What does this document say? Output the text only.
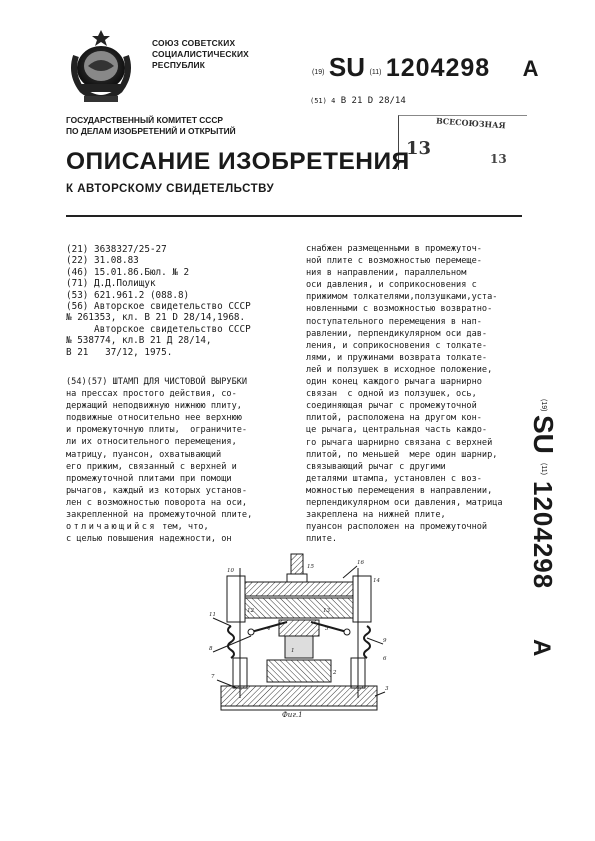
СОЮЗ СОВЕТСКИХ
СОЦИАЛИСТИЧЕСКИХ
РЕСПУБЛИК
(19) SU (11) 1204298 A
(51) 4 В 21 D 28/14
ГОСУДАРСТВЕННЫЙ КОМИТЕТ СССР
ПО ДЕЛАМ ИЗОБРЕТЕНИЙ И ОТКРЫТИЙ
ВСЕСОЮЗНАЯ
13	13
ОПИСАНИЕ ИЗОБРЕТЕНИЯ
К АВТОРСКОМУ СВИДЕТЕЛЬСТВУ
(21) 3638327/25-27
(22) 31.08.83
(46) 15.01.86.Бюл. № 2
(71) Д.Д.Полищук
(53) 621.961.2 (088.8)
(56) Авторское свидетельство СССР
№ 261353, кл. В 21 D 28/14,1968.
Авторское свидетельство СССР
№ 538774, кл.В 21 Д 28/14,
В 21   37/12, 1975.
(54)(57) ШТАМП ДЛЯ ЧИСТОВОЙ ВЫРУБКИ
на прессах простого действия, со-
держащий неподвижную нижнюю плиту,
подвижные относительно нее верхнюю
и промежуточную плиты,  ограничите-
ли их относительного перемещения,
матрицу, пуансон, охватывающий
его прижим, связанный с верхней и
промежуточной плитами при помощи
рычагов, каждый из которых установ-
лен с возможностью поворота на оси,
закрепленной на промежуточной плите,
отличающийся тем, что,
с целью повышения надежности, он
снабжен размещенными в промежуточ-
ной плите с возможностью перемеще-
ния в направлении, параллельном
оси давления, и соприкосновения с
прижимом толкателями,ползушками,уста-
новленными с возможностью возвратно-
поступательного перемещения в нап-
равлении, перпендикулярном оси дав-
ления, и соприкосновения с толкате-
лями, и пружинами возврата толкате-
лей и ползушек в исходное положение,
один конец каждого рычага шарнирно
связан  с одной из ползушек, ось,
соединяющая рычаг с промежуточной
плитой, расположена на другом кон-
це рычага, центральная часть каждо-
го рычага шарнирно связана с верхней
плитой, по меньшей  мере один шарнир,
связывающий рычаг с другими
деталями штампа, установлен с воз-
можностью перемещения в направлении,
перпендикулярном оси давления, матрица
закреплена на нижней плите,
пуансон расположен на промежуточной
плите.
(19)
SU
(11)
1204298
A
16
14
11
8
9
6
3
7
12	13
4	5
1
2
10
15
Фиг.1
